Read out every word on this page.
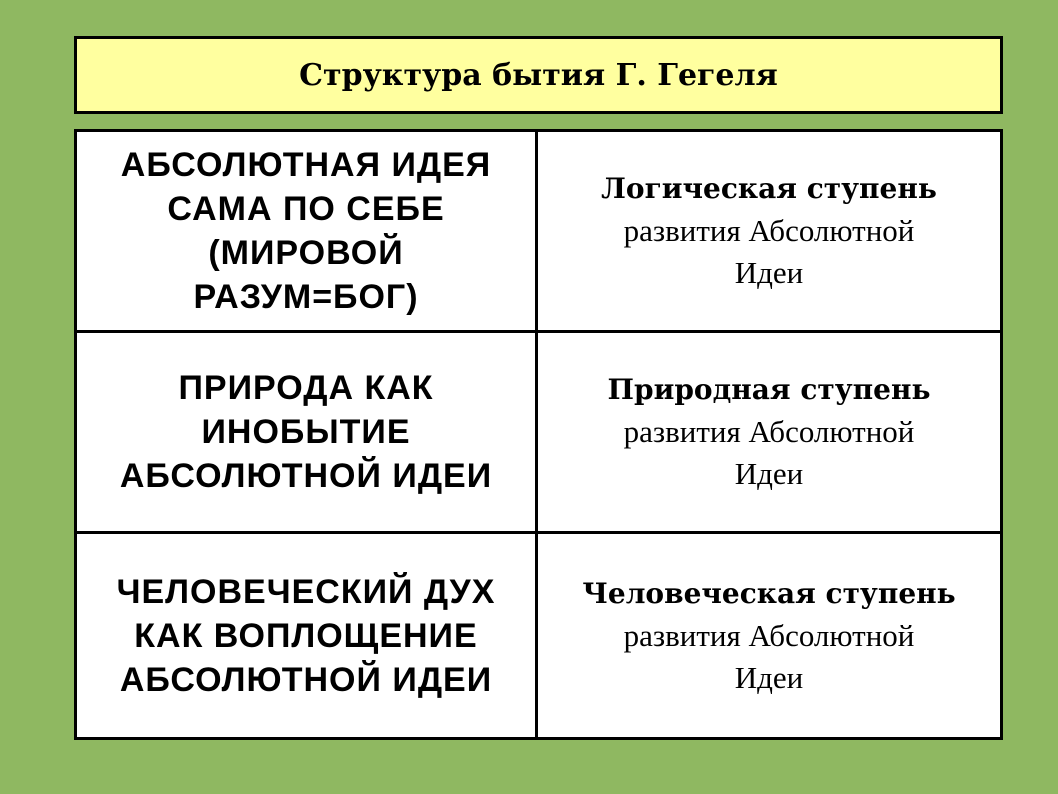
Структура бытия Г. Гегеля
АБСОЛЮТНАЯ ИДЕЯ
САМА ПО СЕБЕ
(МИРОВОЙ
РАЗУМ=БОГ)
Логическая ступень
развития Абсолютной
Идеи
ПРИРОДА КАК
ИНОБЫТИЕ
АБСОЛЮТНОЙ ИДЕИ
Природная ступень
развития Абсолютной
Идеи
ЧЕЛОВЕЧЕСКИЙ ДУХ
КАК ВОПЛОЩЕНИЕ
АБСОЛЮТНОЙ ИДЕИ
Человеческая ступень
развития Абсолютной
Идеи
